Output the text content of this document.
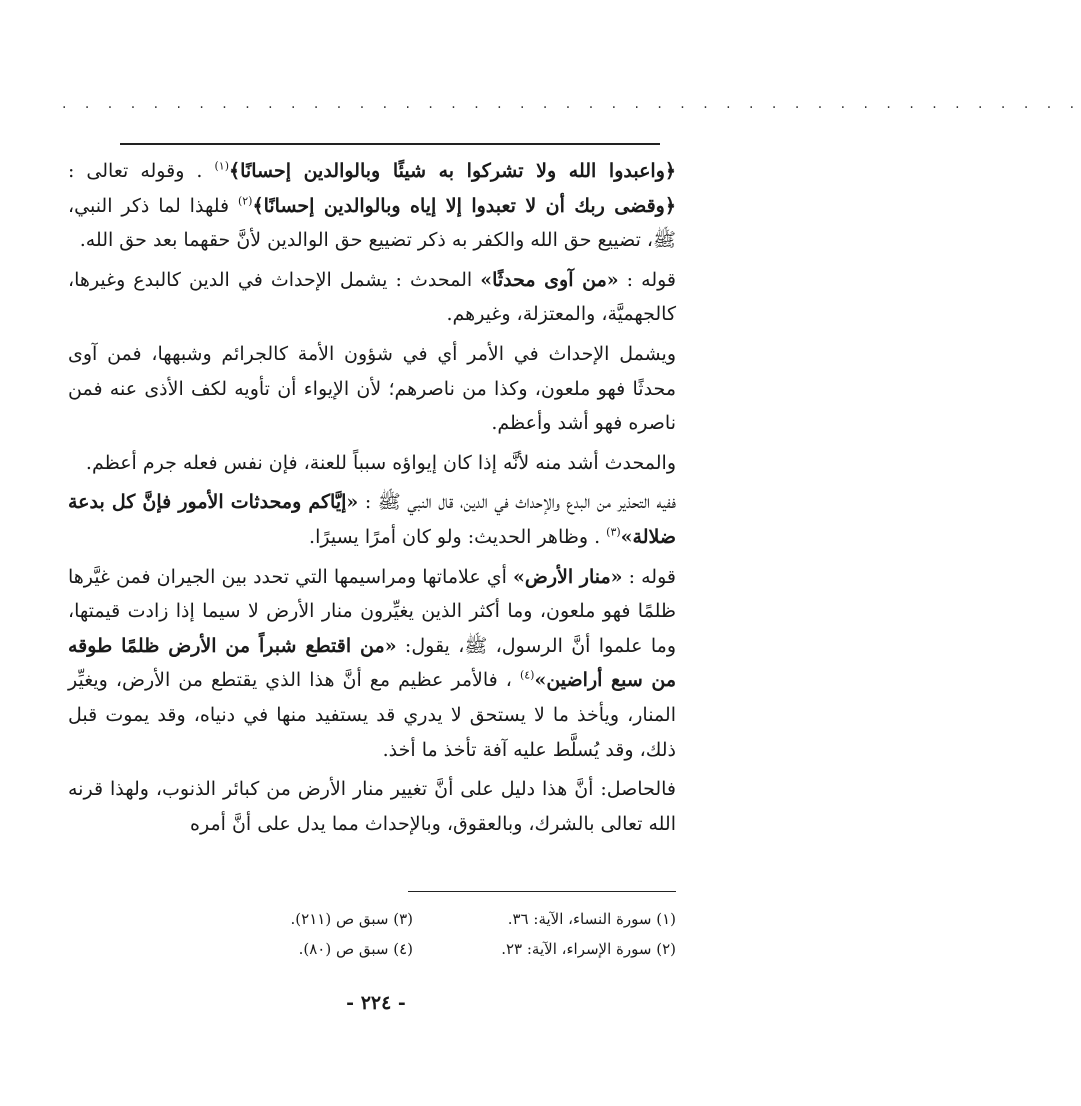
. . . . . . . . . . . . . . . . . . . . . . . . . . . . . . . . . . . . . . . . . . . . .

﴿واعبدوا الله ولا تشركوا به شيئًا وبالوالدين إحسانًا﴾$^{(١)}$ . وقوله تعالى : ﴿وقضى ربك أن لا تعبدوا إلا إياه وبالوالدين إحسانًا﴾$^{(٢)}$ فلهذا لما ذكر النبي، ﷺ، تضييع حق الله والكفر به ذكر تضييع حق الوالدين لأنَّ حقهما بعد حق الله.

قوله : «من آوى محدثًا» المحدث : يشمل الإحداث في الدين كالبدع وغيرها، كالجهميَّة، والمعتزلة، وغيرهم.

ويشمل الإحداث في الأمر أي في شؤون الأمة كالجرائم وشبهها، فمن آوى محدثًا فهو ملعون، وكذا من ناصرهم؛ لأن الإيواء أن تأويه لكف الأذى عنه فمن ناصره فهو أشد وأعظم.

والمحدث أشد منه لأنَّه إذا كان إيواؤه سبباً للعنة، فإن نفس فعله جرم أعظم.

ففيه التحذير من البدع والإحداث في الدين، قال النبي ﷺ : «إيَّاكم ومحدثات الأمور فإنَّ كل بدعة ضلالة»$^{(٣)}$ . وظاهر الحديث: ولو كان أمرًا يسيرًا.

قوله : «منار الأرض» أي علاماتها ومراسيمها التي تحدد بين الجيران فمن غيَّرها ظلمًا فهو ملعون، وما أكثر الذين يغيِّرون منار الأرض لا سيما إذا زادت قيمتها، وما علموا أنَّ الرسول، ﷺ، يقول: «من اقتطع شبراً من الأرض ظلمًا طوقه من سبع أراضين»$^{(٤)}$ ، فالأمر عظيم مع أنَّ هذا الذي يقتطع من الأرض، ويغيِّر المنار، ويأخذ ما لا يستحق لا يدري قد يستفيد منها في دنياه، وقد يموت قبل ذلك، وقد يُسلَّط عليه آفة تأخذ ما أخذ.

فالحاصل: أنَّ هذا دليل على أنَّ تغيير منار الأرض من كبائر الذنوب، ولهذا قرنه الله تعالى بالشرك، وبالعقوق، وبالإحداث مما يدل على أنَّ أمره

(١) سورة النساء، الآية: ٣٦.
(٣) سبق ص (٢١١).
(٢) سورة الإسراء، الآية: ٢٣.
(٤) سبق ص (٨٠).
- ٢٢٤ -
